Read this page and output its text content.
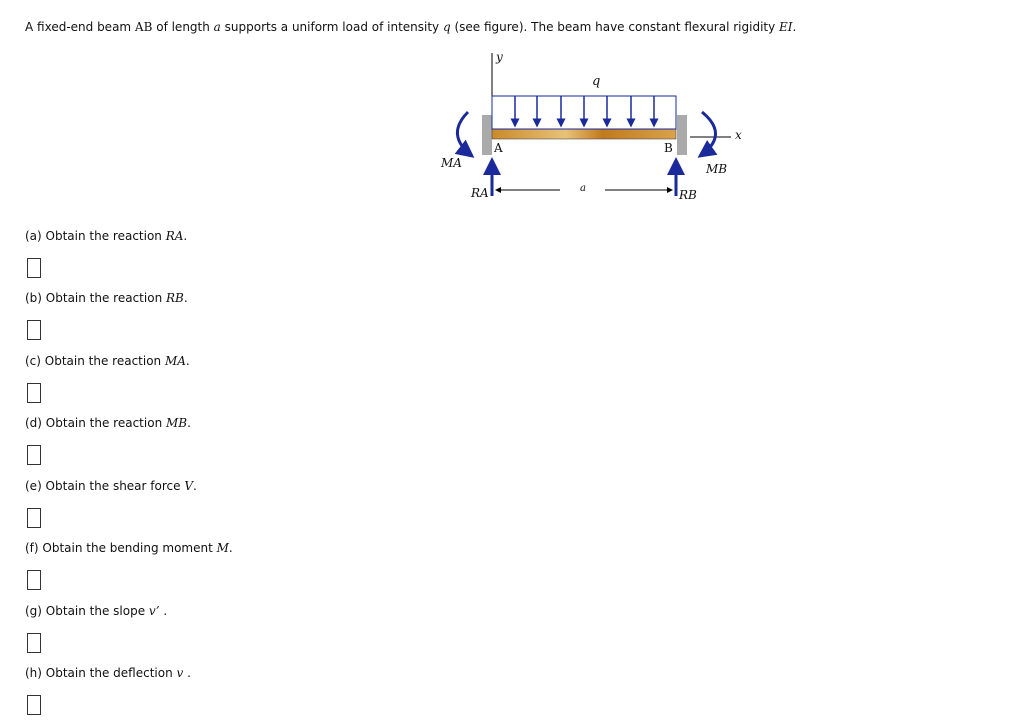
A fixed-end beam AB of length a supports a uniform load of intensity q (see figure). The beam have constant flexural rigidity EI.
y
q
x
A	B
MA	MB
RA	RB
a
(a) Obtain the reaction RA.
(b) Obtain the reaction RB.
(c) Obtain the reaction MA.
(d) Obtain the reaction MB.
(e) Obtain the shear force V.
(f) Obtain the bending moment M.
(g) Obtain the slope v’ .
(h) Obtain the deflection v .
